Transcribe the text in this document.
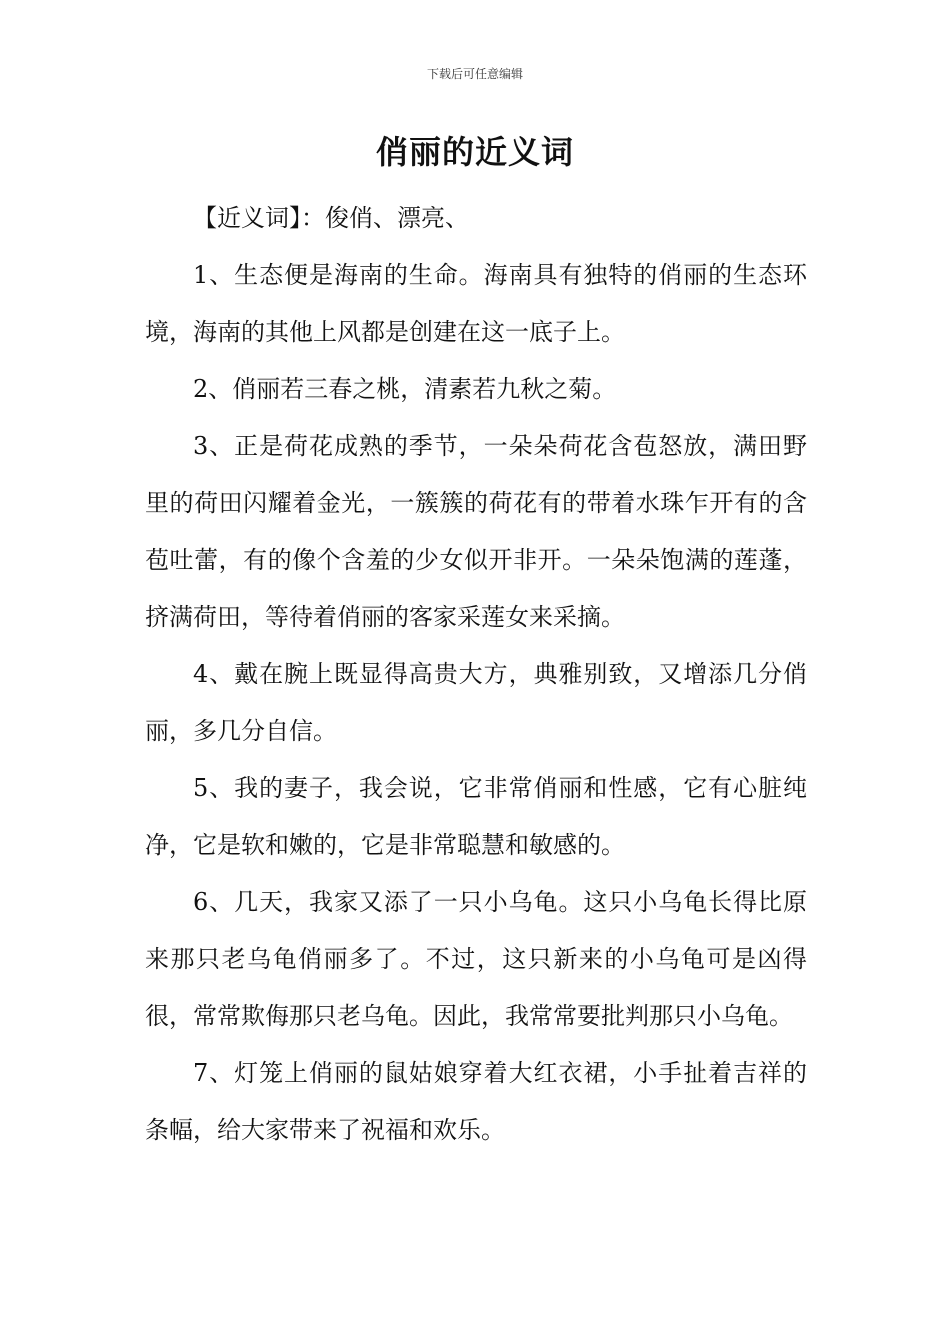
下载后可任意编辑
俏丽的近义词

【近义词】：俊俏、漂亮、

1、生态便是海南的生命。海南具有独特的俏丽的生态环境，海南的其他上风都是创建在这一底子上。

2、俏丽若三春之桃，清素若九秋之菊。

3、正是荷花成熟的季节，一朵朵荷花含苞怒放，满田野里的荷田闪耀着金光，一簇簇的荷花有的带着水珠乍开有的含苞吐蕾，有的像个含羞的少女似开非开。一朵朵饱满的莲蓬，挤满荷田，等待着俏丽的客家采莲女来采摘。

4、戴在腕上既显得高贵大方，典雅别致，又增添几分俏丽，多几分自信。

5、我的妻子，我会说，它非常俏丽和性感，它有心脏纯净，它是软和嫩的，它是非常聪慧和敏感的。

6、几天，我家又添了一只小乌龟。这只小乌龟长得比原来那只老乌龟俏丽多了。不过，这只新来的小乌龟可是凶得很，常常欺侮那只老乌龟。因此，我常常要批判那只小乌龟。

7、灯笼上俏丽的鼠姑娘穿着大红衣裙，小手扯着吉祥的条幅，给大家带来了祝福和欢乐。
